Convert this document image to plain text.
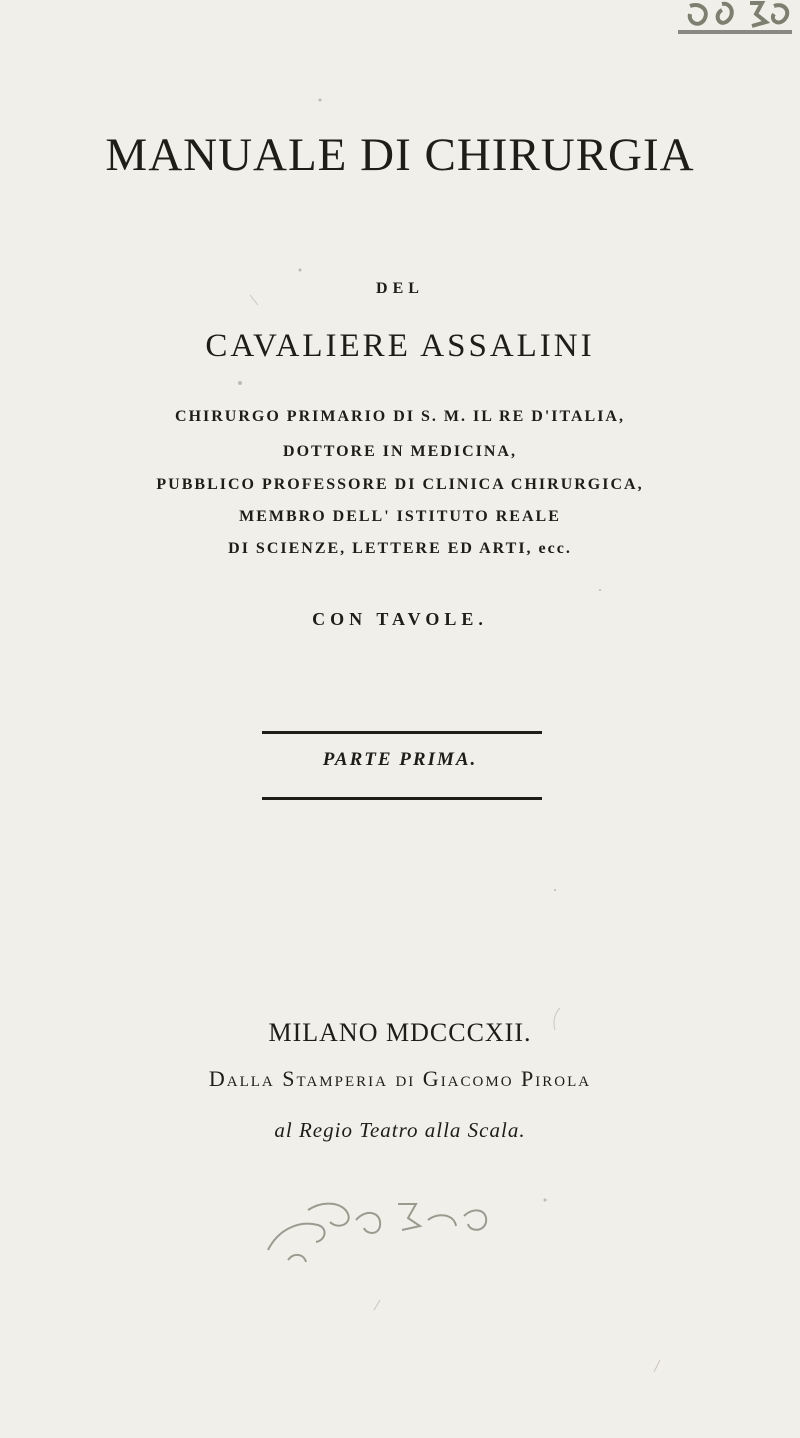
MANUALE DI CHIRURGIA
DEL
CAVALIERE ASSALINI
CHIRURGO PRIMARIO DI S. M. IL RE D'ITALIA,
DOTTORE IN MEDICINA,
PUBBLICO PROFESSORE DI CLINICA CHIRURGICA,
MEMBRO DELL' ISTITUTO REALE
DI SCIENZE, LETTERE ED ARTI, ecc.
CON TAVOLE.
PARTE PRIMA.
MILANO MDCCCXII.
Dalla Stamperia di Giacomo Pirola
al Regio Teatro alla Scala.
